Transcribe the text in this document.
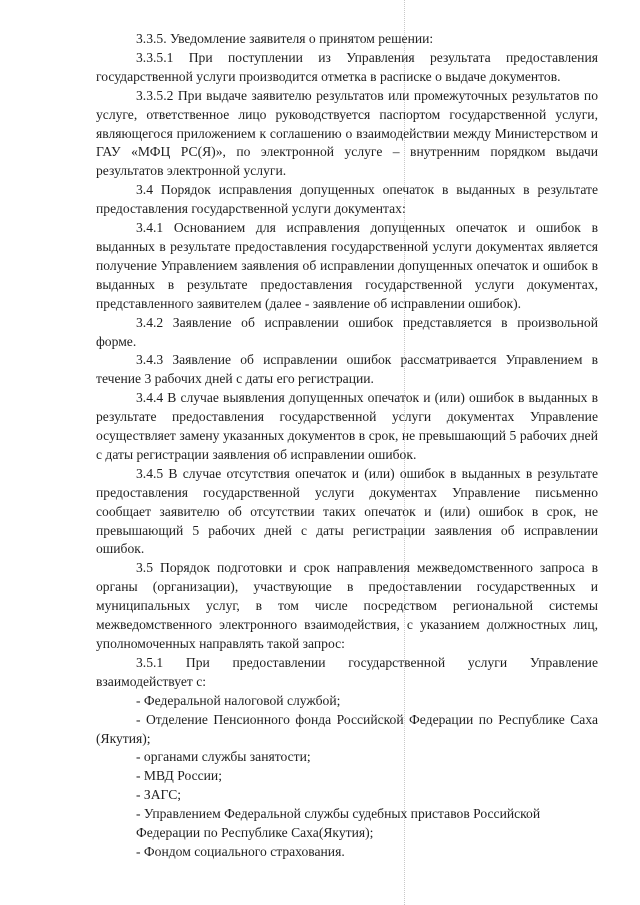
3.3.5. Уведомление заявителя о принятом решении:

3.3.5.1 При поступлении из Управления результата предоставления государственной услуги производится отметка в расписке о выдаче документов.

3.3.5.2 При выдаче заявителю результатов или промежуточных результатов по услуге, ответственное лицо руководствуется паспортом государственной услуги, являющегося приложением к соглашению о взаимодействии между Министерством и ГАУ «МФЦ РС(Я)», по электронной услуге – внутренним порядком выдачи результатов электронной услуги.

3.4 Порядок исправления допущенных опечаток в выданных в результате предоставления государственной услуги документах:

3.4.1 Основанием для исправления допущенных опечаток и ошибок в выданных в результате предоставления государственной услуги документах является получение Управлением заявления об исправлении допущенных опечаток и ошибок в выданных в результате предоставления государственной услуги документах, представленного заявителем (далее - заявление об исправлении ошибок).

3.4.2 Заявление об исправлении ошибок представляется в произвольной форме.

3.4.3 Заявление об исправлении ошибок рассматривается Управлением в течение 3 рабочих дней с даты его регистрации.

3.4.4 В случае выявления допущенных опечаток и (или) ошибок в выданных в результате предоставления государственной услуги документах Управление осуществляет замену указанных документов в срок, не превышающий 5 рабочих дней с даты регистрации заявления об исправлении ошибок.

3.4.5 В случае отсутствия опечаток и (или) ошибок в выданных в результате предоставления государственной услуги документах Управление письменно сообщает заявителю об отсутствии таких опечаток и (или) ошибок в срок, не превышающий 5 рабочих дней с даты регистрации заявления об исправлении ошибок.

3.5 Порядок подготовки и срок направления межведомственного запроса в органы (организации), участвующие в предоставлении государственных и муниципальных услуг, в том числе посредством региональной системы межведомственного электронного взаимодействия, с указанием должностных лиц, уполномоченных направлять такой запрос:

3.5.1 При предоставлении государственной услуги Управление взаимодействует с:

- Федеральной налоговой службой;

- Отделение Пенсионного фонда Российской Федерации по Республике Саха (Якутия);

- органами службы занятости;

- МВД России;

- ЗАГС;

- Управлением Федеральной службы судебных приставов Российской Федерации по Республике Саха(Якутия);

- Фондом социального страхования.
